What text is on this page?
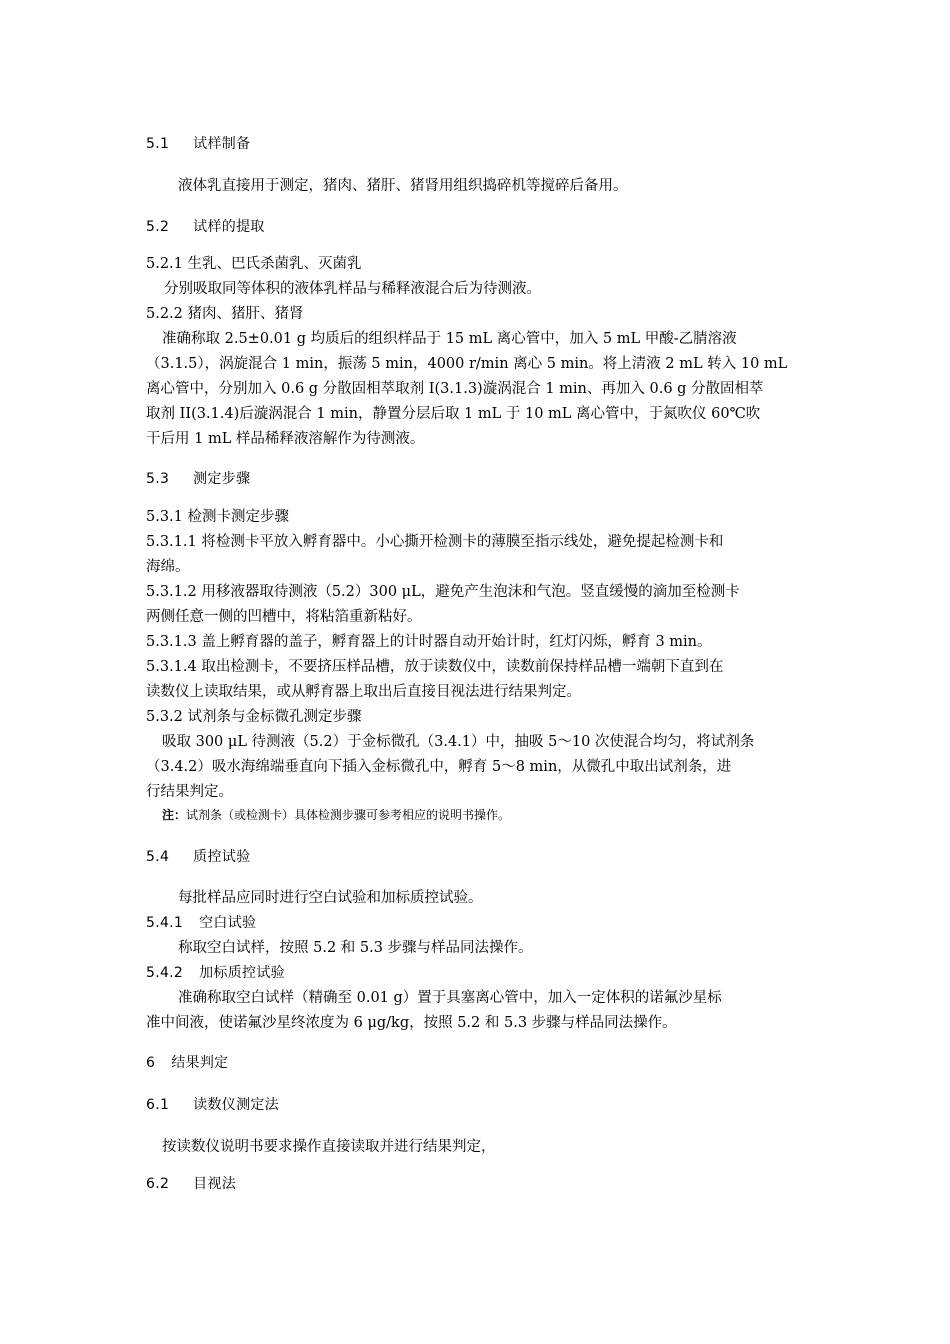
5.1 试样制备
液体乳直接用于测定，猪肉、猪肝、猪肾用组织捣碎机等搅碎后备用。
5.2 试样的提取
5.2.1 生乳、巴氏杀菌乳、灭菌乳
分别吸取同等体积的液体乳样品与稀释液混合后为待测液。
5.2.2 猪肉、猪肝、猪肾
准确称取 2.5±0.01 g 均质后的组织样品于 15 mL 离心管中，加入 5 mL 甲酸-乙腈溶液
（3.1.5），涡旋混合 1 min，振荡 5 min，4000 r/min 离心 5 min。将上清液 2 mL 转入 10 mL
离心管中，分别加入 0.6 g 分散固相萃取剂 I(3.1.3)漩涡混合 1 min、再加入 0.6 g 分散固相萃
取剂 II(3.1.4)后漩涡混合 1 min，静置分层后取 1 mL 于 10 mL 离心管中，于氮吹仪 60℃吹
干后用 1 mL 样品稀释液溶解作为待测液。
5.3 测定步骤
5.3.1 检测卡测定步骤
5.3.1.1 将检测卡平放入孵育器中。小心撕开检测卡的薄膜至指示线处，避免提起检测卡和
海绵。
5.3.1.2 用移液器取待测液（5.2）300 μL，避免产生泡沫和气泡。竖直缓慢的滴加至检测卡
两侧任意一侧的凹槽中，将粘箔重新粘好。
5.3.1.3 盖上孵育器的盖子，孵育器上的计时器自动开始计时，红灯闪烁，孵育 3 min。
5.3.1.4 取出检测卡，不要挤压样品槽，放于读数仪中，读数前保持样品槽一端朝下直到在
读数仪上读取结果，或从孵育器上取出后直接目视法进行结果判定。
5.3.2 试剂条与金标微孔测定步骤
吸取 300 μL 待测液（5.2）于金标微孔（3.4.1）中，抽吸 5～10 次使混合均匀，将试剂条
（3.4.2）吸水海绵端垂直向下插入金标微孔中，孵育 5～8 min，从微孔中取出试剂条，进
行结果判定。
注：试剂条（或检测卡）具体检测步骤可参考相应的说明书操作。
5.4 质控试验
每批样品应同时进行空白试验和加标质控试验。
5.4.1 空白试验
称取空白试样，按照 5.2 和 5.3 步骤与样品同法操作。
5.4.2 加标质控试验
准确称取空白试样（精确至 0.01 g）置于具塞离心管中，加入一定体积的诺氟沙星标
准中间液，使诺氟沙星终浓度为 6 μg/kg，按照 5.2 和 5.3 步骤与样品同法操作。
6 结果判定
6.1 读数仪测定法
按读数仪说明书要求操作直接读取并进行结果判定，
6.2 目视法
